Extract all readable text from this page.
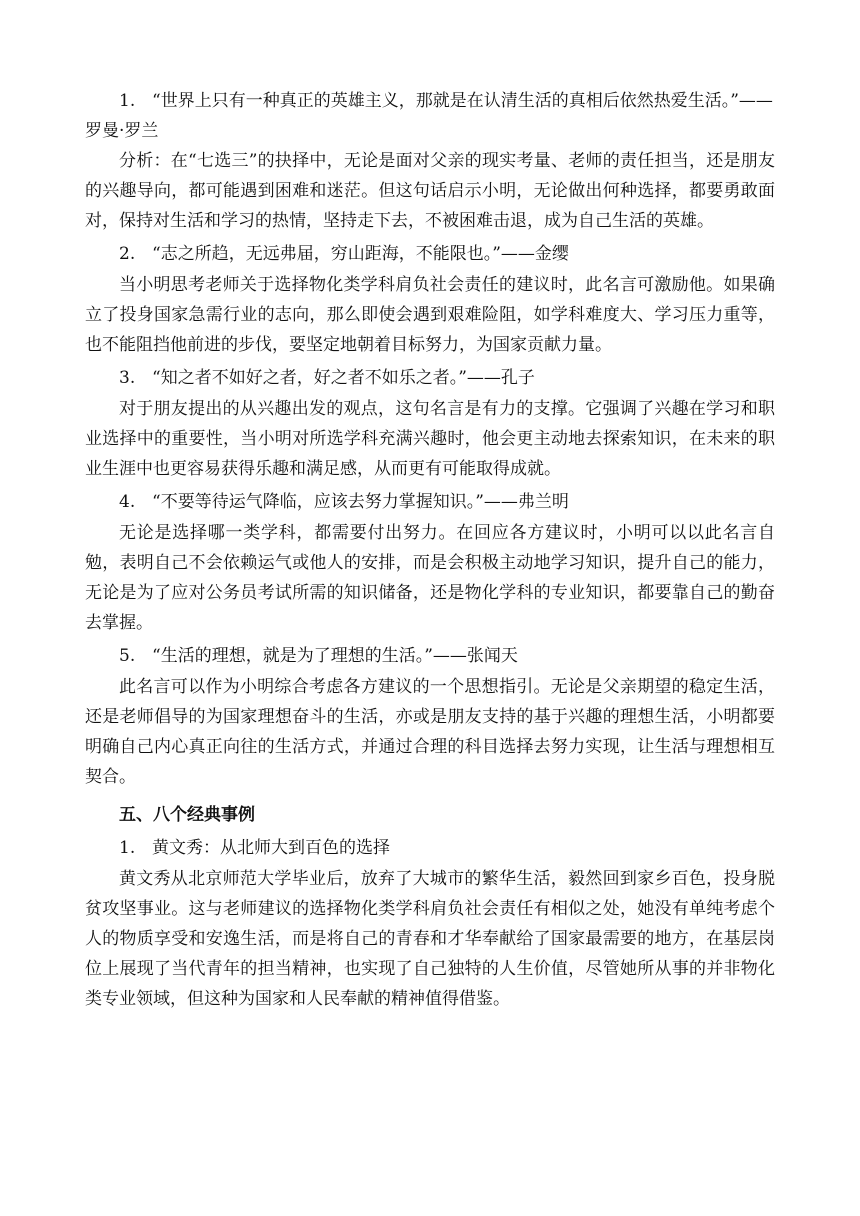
1. “世界上只有一种真正的英雄主义，那就是在认清生活的真相后依然热爱生活。”——罗曼·罗兰

分析：在“七选三”的抉择中，无论是面对父亲的现实考量、老师的责任担当，还是朋友的兴趣导向，都可能遇到困难和迷茫。但这句话启示小明，无论做出何种选择，都要勇敢面对，保持对生活和学习的热情，坚持走下去，不被困难击退，成为自己生活的英雄。

2. “志之所趋，无远弗届，穷山距海，不能限也。”——金缨

当小明思考老师关于选择物化类学科肩负社会责任的建议时，此名言可激励他。如果确立了投身国家急需行业的志向，那么即使会遇到艰难险阻，如学科难度大、学习压力重等，也不能阻挡他前进的步伐，要坚定地朝着目标努力，为国家贡献力量。

3. “知之者不如好之者，好之者不如乐之者。”——孔子

对于朋友提出的从兴趣出发的观点，这句名言是有力的支撑。它强调了兴趣在学习和职业选择中的重要性，当小明对所选学科充满兴趣时，他会更主动地去探索知识，在未来的职业生涯中也更容易获得乐趣和满足感，从而更有可能取得成就。

4. “不要等待运气降临，应该去努力掌握知识。”——弗兰明

无论是选择哪一类学科，都需要付出努力。在回应各方建议时，小明可以以此名言自勉，表明自己不会依赖运气或他人的安排，而是会积极主动地学习知识，提升自己的能力，无论是为了应对公务员考试所需的知识储备，还是物化学科的专业知识，都要靠自己的勤奋去掌握。

5. “生活的理想，就是为了理想的生活。”——张闻天

此名言可以作为小明综合考虑各方建议的一个思想指引。无论是父亲期望的稳定生活，还是老师倡导的为国家理想奋斗的生活，亦或是朋友支持的基于兴趣的理想生活，小明都要明确自己内心真正向往的生活方式，并通过合理的科目选择去努力实现，让生活与理想相互契合。

五、八个经典事例
1. 黄文秀：从北师大到百色的选择

黄文秀从北京师范大学毕业后，放弃了大城市的繁华生活，毅然回到家乡百色，投身脱贫攻坚事业。这与老师建议的选择物化类学科肩负社会责任有相似之处，她没有单纯考虑个人的物质享受和安逸生活，而是将自己的青春和才华奉献给了国家最需要的地方，在基层岗位上展现了当代青年的担当精神，也实现了自己独特的人生价值，尽管她所从事的并非物化类专业领域，但这种为国家和人民奉献的精神值得借鉴。
